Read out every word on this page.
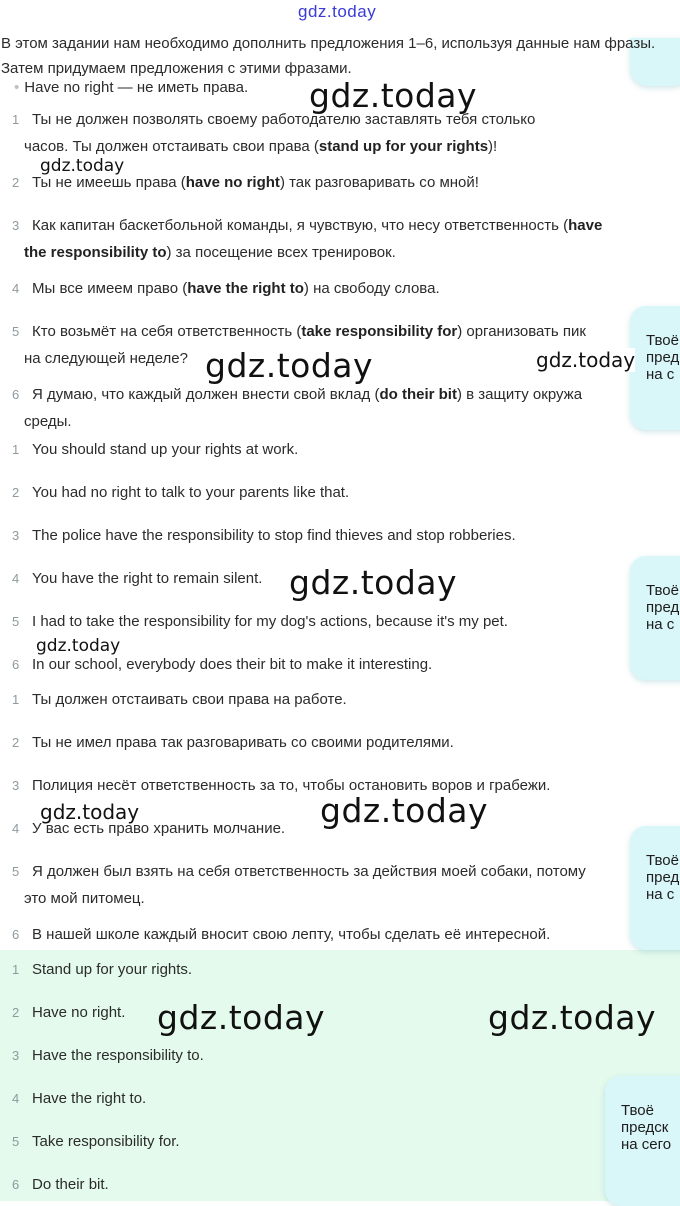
gdz.today
В этом задании нам необходимо дополнить предложения 1–6, используя данные нам фразы. Затем придумаем предложения с этими фразами.
• Have no right — не иметь права.
1 Ты не должен позволять своему работодателю заставлять тебя столько
часов. Ты должен отстаивать свои права (stand up for your rights)!
2 Ты не имеешь права (have no right) так разговаривать со мной!
3 Как капитан баскетбольной команды, я чувствую, что несу ответственность (have
the responsibility to) за посещение всех тренировок.
4 Мы все имеем право (have the right to) на свободу слова.
5 Кто возьмёт на себя ответственность (take responsibility for) организовать пик
на следующей неделе?
6 Я думаю, что каждый должен внести свой вклад (do their bit) в защиту окружа
среды.
1 You should stand up your rights at work.
2 You had no right to talk to your parents like that.
3 The police have the responsibility to stop find thieves and stop robberies.
4 You have the right to remain silent.
5 I had to take the responsibility for my dog's actions, because it's my pet.
6 In our school, everybody does their bit to make it interesting.
1 Ты должен отстаивать свои права на работе.
2 Ты не имел права так разговаривать со своими родителями.
3 Полиция несёт ответственность за то, чтобы остановить воров и грабежи.
4 У вас есть право хранить молчание.
5 Я должен был взять на себя ответственность за действия моей собаки, потому
это мой питомец.
6 В нашей школе каждый вносит свою лепту, чтобы сделать её интересной.
1 Stand up for your rights.
2 Have no right.
3 Have the responsibility to.
4 Have the right to.
5 Take responsibility for.
6 Do their bit.
Твоё
пред
на с
Твоё
пред
на с
Твоё
пред
на с
Твоё
предск
на сего
gdz.today
gdz.today
gdz.today	gdz.today
gdz.today
gdz.today
gdz.today	gdz.today
gdz.today	gdz.today
